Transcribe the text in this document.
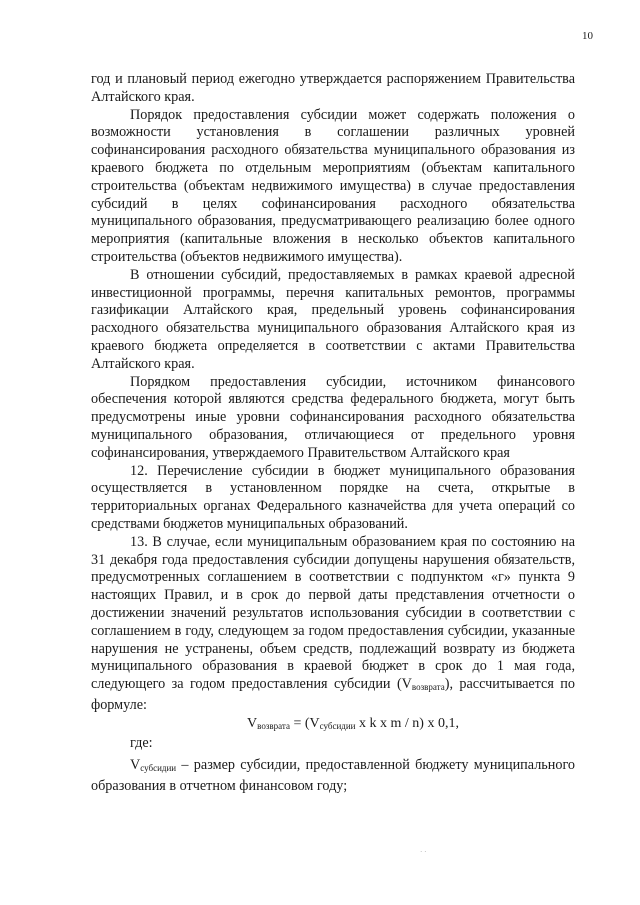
10

год и плановый период ежегодно утверждается распоряжением Правительства Алтайского края.

Порядок предоставления субсидии может содержать положения о возможности установления в соглашении различных уровней софинансирования расходного обязательства муниципального образования из краевого бюджета по отдельным мероприятиям (объектам капитального строительства (объектам недвижимого имущества) в случае предоставления субсидий в целях софинансирования расходного обязательства муниципального образования, предусматривающего реализацию более одного мероприятия (капитальные вложения в несколько объектов капитального строительства (объектов недвижимого имущества).

В отношении субсидий, предоставляемых в рамках краевой адресной инвестиционной программы, перечня капитальных ремонтов, программы газификации Алтайского края, предельный уровень софинансирования расходного обязательства муниципального образования Алтайского края из краевого бюджета определяется в соответствии с актами Правительства Алтайского края.

Порядком предоставления субсидии, источником финансового обеспечения которой являются средства федерального бюджета, могут быть предусмотрены иные уровни софинансирования расходного обязательства муниципального образования, отличающиеся от предельного уровня софинансирования, утверждаемого Правительством Алтайского края

12. Перечисление субсидии в бюджет муниципального образования осуществляется в установленном порядке на счета, открытые в территориальных органах Федерального казначейства для учета операций со средствами бюджетов муниципальных образований.

13. В случае, если муниципальным образованием края по состоянию на 31 декабря года предоставления субсидии допущены нарушения обязательств, предусмотренных соглашением в соответствии с подпунктом «г» пункта 9 настоящих Правил, и в срок до первой даты представления отчетности о достижении значений результатов использования субсидии в соответствии с соглашением в году, следующем за годом предоставления субсидии, указанные нарушения не устранены, объем средств, подлежащий возврату из бюджета муниципального образования в краевой бюджет в срок до 1 мая года, следующего за годом предоставления субсидии $(V_{возврата})$, рассчитывается по формуле:

$V_{возврата} = (V_{субсидии}$ x k x m / n) x 0,1,

где:

$V_{субсидии}$ – размер субсидии, предоставленной бюджету муниципального образования в отчетном финансовом году;

· ·
